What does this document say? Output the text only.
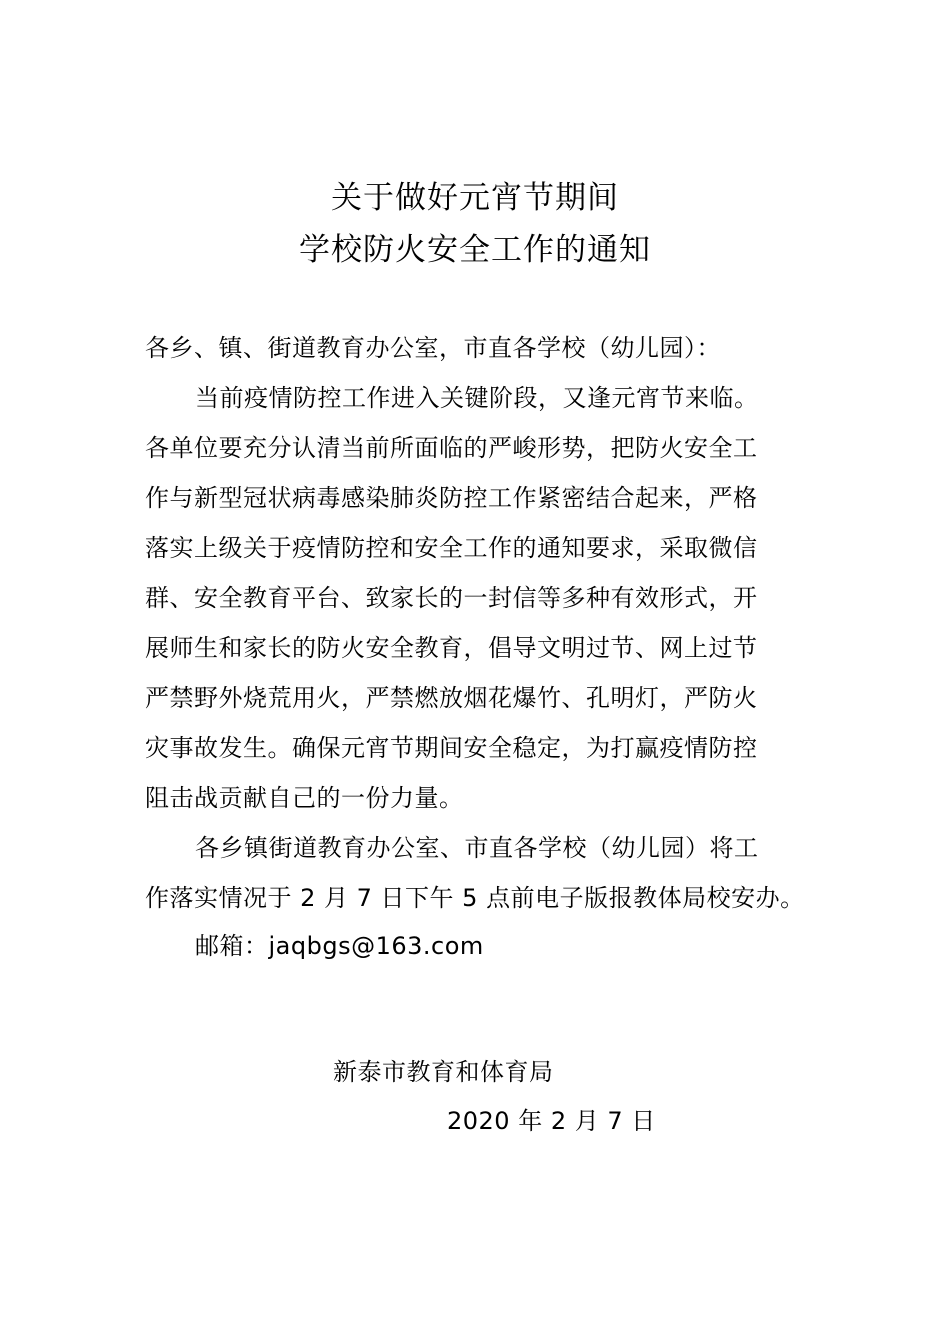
关于做好元宵节期间
学校防火安全工作的通知
各乡、镇、街道教育办公室，市直各学校（幼儿园）：
当前疫情防控工作进入关键阶段，又逢元宵节来临。
各单位要充分认清当前所面临的严峻形势，把防火安全工
作与新型冠状病毒感染肺炎防控工作紧密结合起来，严格
落实上级关于疫情防控和安全工作的通知要求，采取微信
群、安全教育平台、致家长的一封信等多种有效形式，开
展师生和家长的防火安全教育，倡导文明过节、网上过节
严禁野外烧荒用火，严禁燃放烟花爆竹、孔明灯，严防火
灾事故发生。确保元宵节期间安全稳定，为打赢疫情防控
阻击战贡献自己的一份力量。
各乡镇街道教育办公室、市直各学校（幼儿园）将工
作落实情况于 2 月 7 日下午 5 点前电子版报教体局校安办。
邮箱：jaqbgs@163.com
新泰市教育和体育局
2020 年 2 月 7 日
